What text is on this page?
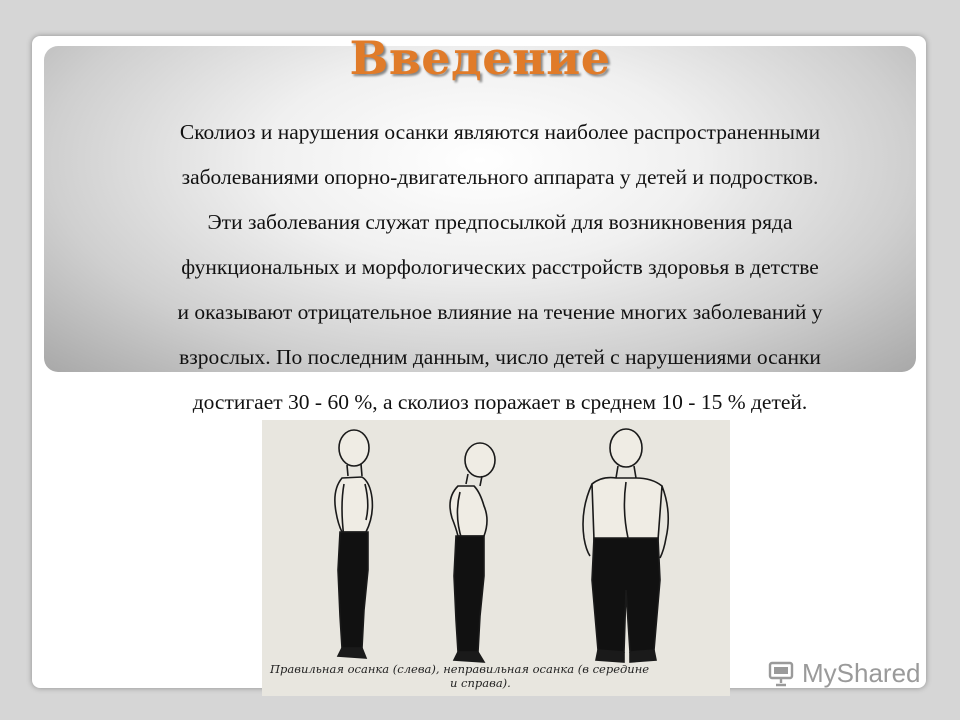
Введение
Сколиоз и нарушения осанки являются наиболее распространенными
заболеваниями опорно-двигательного аппарата у детей и подростков.
Эти заболевания служат предпосылкой для возникновения ряда
функциональных и морфологических расстройств здоровья в детстве
и оказывают отрицательное влияние на течение многих заболеваний у
взрослых. По последним данным, число детей с нарушениями осанки
достигает 30 - 60 %, а сколиоз поражает в среднем 10 - 15 % детей.
Правильная осанка (слева), неправильная осанка (в середине
и справа).	MyShared
